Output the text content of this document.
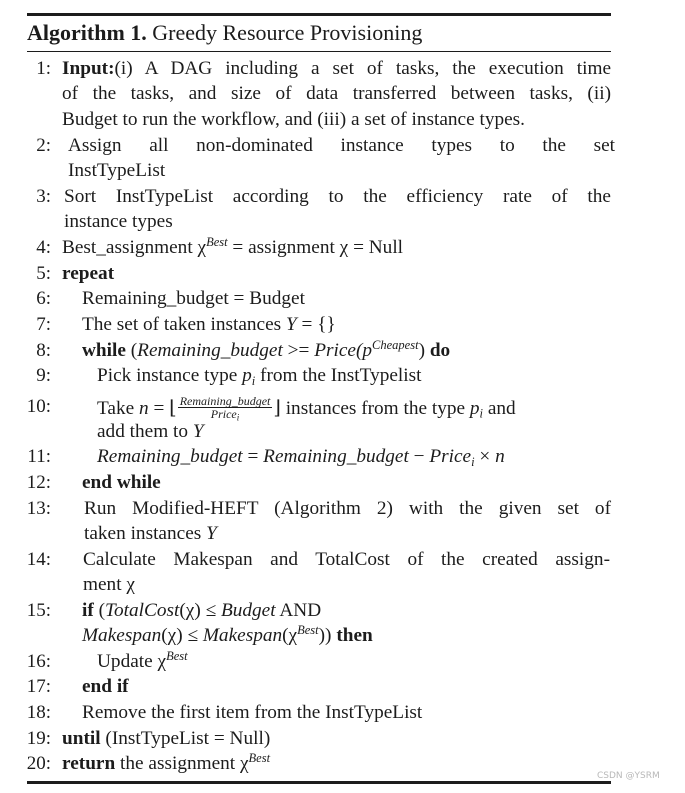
Algorithm 1. Greedy Resource Provisioning
1: Input:(i) A DAG including a set of tasks, the execution time
of the tasks, and size of data transferred between tasks, (ii)
Budget to run the workflow, and (iii) a set of instance types.
2: Assign all non-dominated instance types to the set
InstTypeList
3: Sort InstTypeList according to the efficiency rate of the
instance types
4: Best_assignment $\chi^{Best}$ = assignment χ = Null
5: repeat
6: Remaining_budget = Budget
7: The set of taken instances Y = {}
8: while (Remaining_budget >= $Price(p^{Cheapest})$ do
9: Pick instance type $p_i$ from the InstTypelist
10: Take n = ⌊ $\frac{\text{Remaining\_budget}}{Price_i}$ ⌋ instances from the type $p_i$ and
add them to Y
11: Remaining_budget = Remaining_budget − Price$_i$ × n
12: end while
13: Run Modified-HEFT (Algorithm 2) with the given set of
taken instances Y
14: Calculate Makespan and TotalCost of the created assign-
ment χ
15: if (TotalCost(χ) ≤ Budget AND
Makespan(χ) ≤ $Makespan(\chi^{Best})$) then
16: Update $\chi^{Best}$
17: end if
18: Remove the first item from the InstTypeList
19: until (InstTypeList = Null)
20: return the assignment $\chi^{Best}$
CSDN @YSRM
